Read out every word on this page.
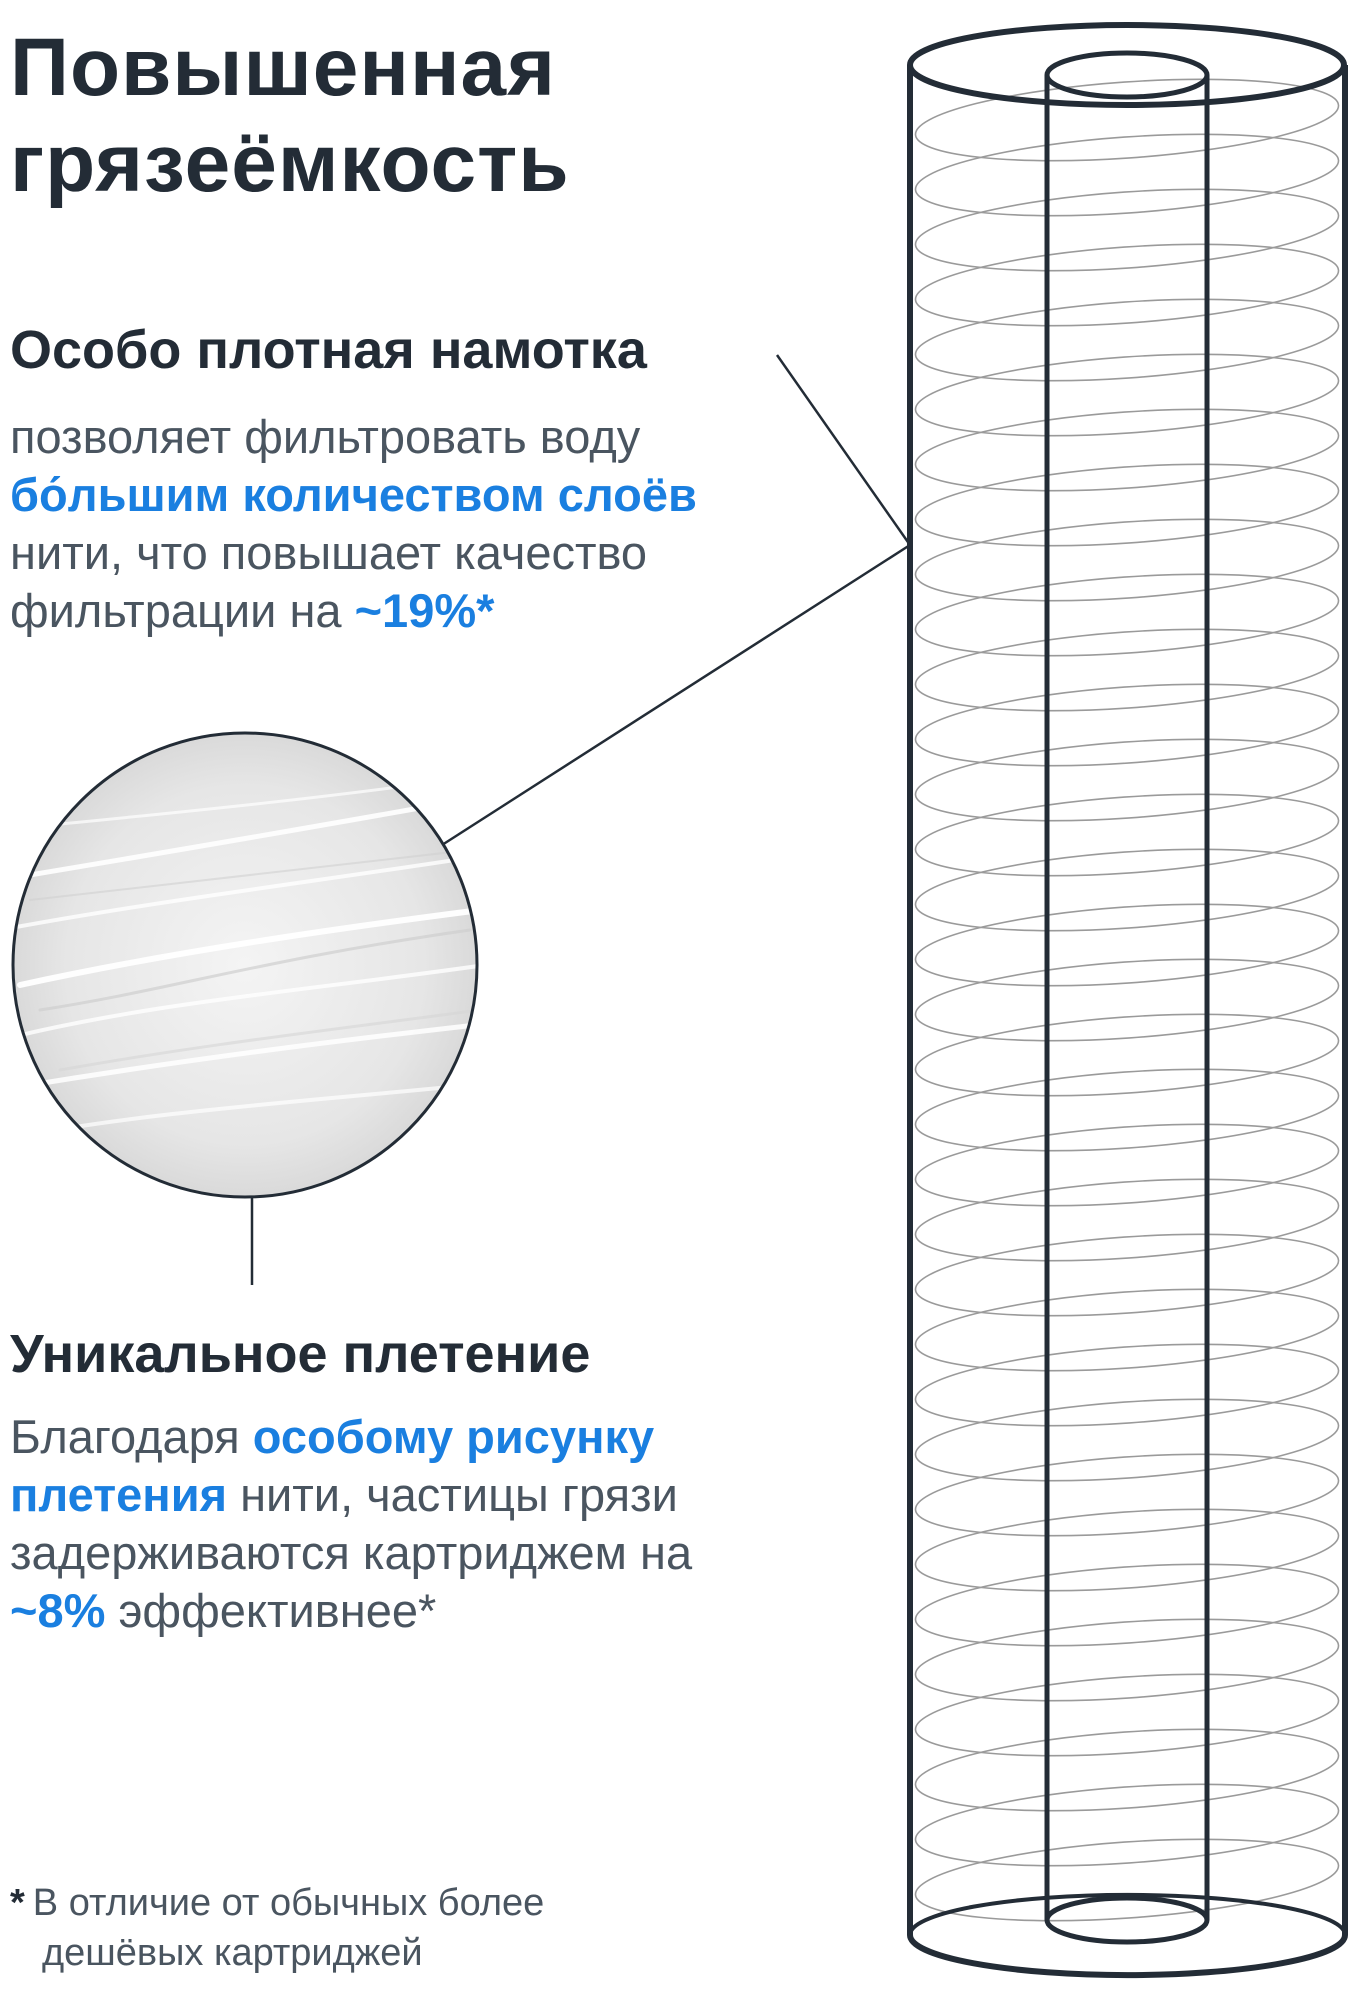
Повышенная
грязеёмкость
Особо плотная намотка

позволяет фильтровать воду бо́льшим количеством слоёв нити, что повышает качество фильтрации на ~19%*

Уникальное плетение

Благодаря особому рисунку плетения нити, частицы грязи задерживаются картриджем на ~8% эффективнее*

* В отличие от обычных более
дешёвых картриджей
